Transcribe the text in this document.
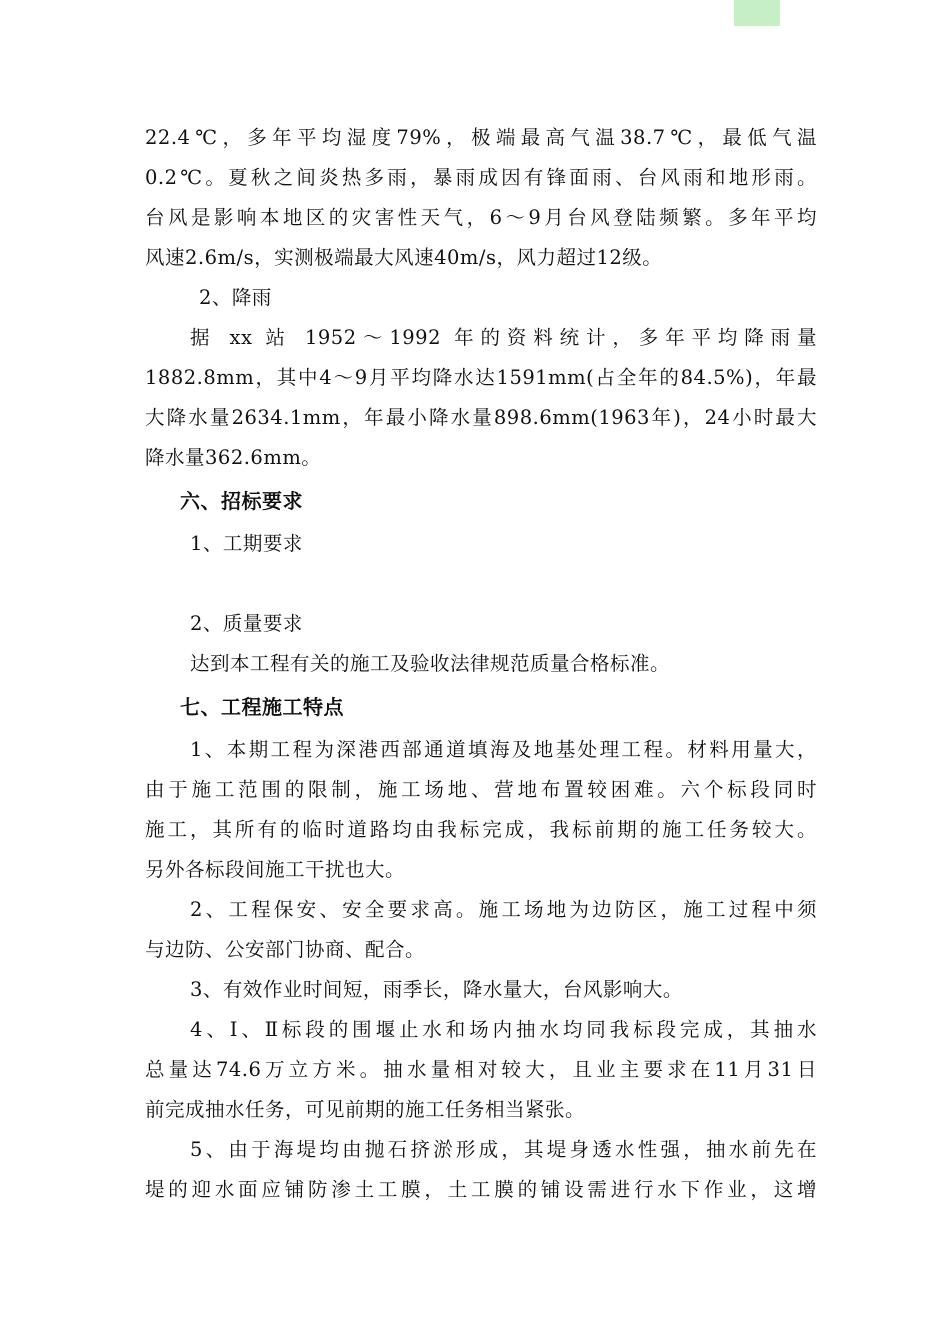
22.4℃，多年平均湿度79%，极端最高气温38.7℃，最低气温
0.2℃。夏秋之间炎热多雨，暴雨成因有锋面雨、台风雨和地形雨。
台风是影响本地区的灾害性天气，6～9月台风登陆频繁。多年平均
风速2.6m/s，实测极端最大风速40m/s，风力超过12级。
2、降雨
据 xx 站 1952～1992 年的资料统计，多年平均降雨量
1882.8mm，其中4～9月平均降水达1591mm(占全年的84.5%)，年最
大降水量2634.1mm，年最小降水量898.6mm(1963年)，24小时最大
降水量362.6mm。
六、招标要求
1、工期要求
2、质量要求
达到本工程有关的施工及验收法律规范质量合格标准。
七、工程施工特点
1、本期工程为深港西部通道填海及地基处理工程。材料用量大，
由于施工范围的限制，施工场地、营地布置较困难。六个标段同时
施工，其所有的临时道路均由我标完成，我标前期的施工任务较大。
另外各标段间施工干扰也大。
2、工程保安、安全要求高。施工场地为边防区，施工过程中须
与边防、公安部门协商、配合。
3、有效作业时间短，雨季长，降水量大，台风影响大。
4、Ⅰ、Ⅱ标段的围堰止水和场内抽水均同我标段完成，其抽水
总量达74.6万立方米。抽水量相对较大，且业主要求在11月31日
前完成抽水任务，可见前期的施工任务相当紧张。
5、由于海堤均由抛石挤淤形成，其堤身透水性强，抽水前先在
堤的迎水面应铺防渗土工膜，土工膜的铺设需进行水下作业，这增
